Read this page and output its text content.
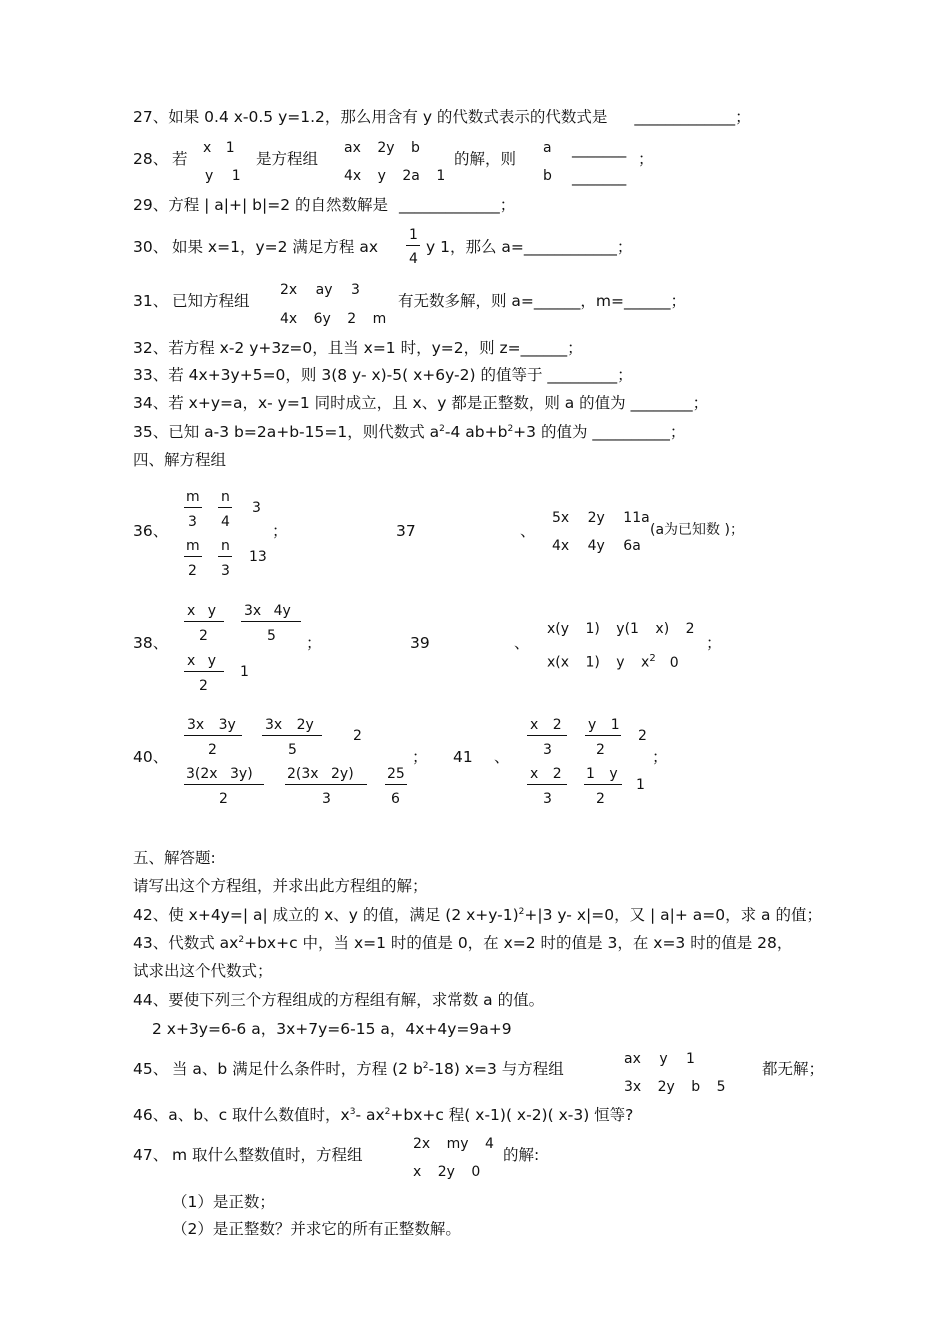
27、如果 0.4 x-0.5 y=1.2，那么用含有 y 的代数式表示的代数式是 _____________；
28、 若
x 1
y 1
是方程组
ax 2y b
4x y 2a 1
的解，则
a _______
；
b _______
29、方程 | a|+| b|=2 的自然数解是 _____________；
30、 如果 x=1，y=2 满足方程 ax
1
4
y 1，那么 a=____________；
31、 已知方程组
2x ay 3
4x 6y 2 m
有无数多解，则 a=______，m=______；
32、若方程 x-2 y+3z=0，且当 x=1 时，y=2，则 z=______；
33、若 4x+3y+5=0，则 3(8 y- x)-5( x+6y-2) 的值等于 _________；
34、若 x+y=a，x- y=1 同时成立，且 x、y 都是正整数，则 a 的值为 ________；
35、已知 a-3 b=2a+b-15=1，则代数式 $a^2-4$ $ab+b^2+3$ 的值为 __________；
四、解方程组
36、
m
3
n
4
3
；
m
2
n
3
13
37	、
5x 2y 11a
4x 4y 6a
(a为已知数 )；
38、
x y
2
3x 4y
5 ；
x y
2
1
39	、
x(y 1) y(1 x) 2
x(x 1) y $x^2$ 0
；
40、
3x 3y
2
3x 2y
5
2
；
3(2x 3y)
2
2(3x 2y)
3
25
6
41 、
x 2
3
y 1
2
2
；
x 2
3
1 y
2
1
五、解答题:
请写出这个方程组，并求出此方程组的解；
42、使 x+4y=| a| 成立的 x、y 的值，满足 (2 x+y-1)$^2$+|3 y- x|=0，又 | a|+ a=0，求 a 的值；
43、代数式 $ax^2+bx+c$ 中，当 x=1 时的值是 0，在 x=2 时的值是 3，在 x=3 时的值是 28，
试求出这个代数式；
44、要使下列三个方程组成的方程组有解，求常数 a 的值。
2 x+3y=6-6 a，3x+7y=6-15 a，4x+4y=9a+9
45、 当 a、b 满足什么条件时，方程 (2 $b^2-18$) x=3 与方程组
ax y 1
3x 2y b 5
都无解；
46、a、b、c 取什么数值时，$x^3-$ $ax^2+bx+c$ 程( x-1)( x-2)( x-3) 恒等?
47、 m 取什么整数值时，方程组
2x my 4
x 2y 0
的解:
（1）是正数；
（2）是正整数？并求它的所有正整数解。
